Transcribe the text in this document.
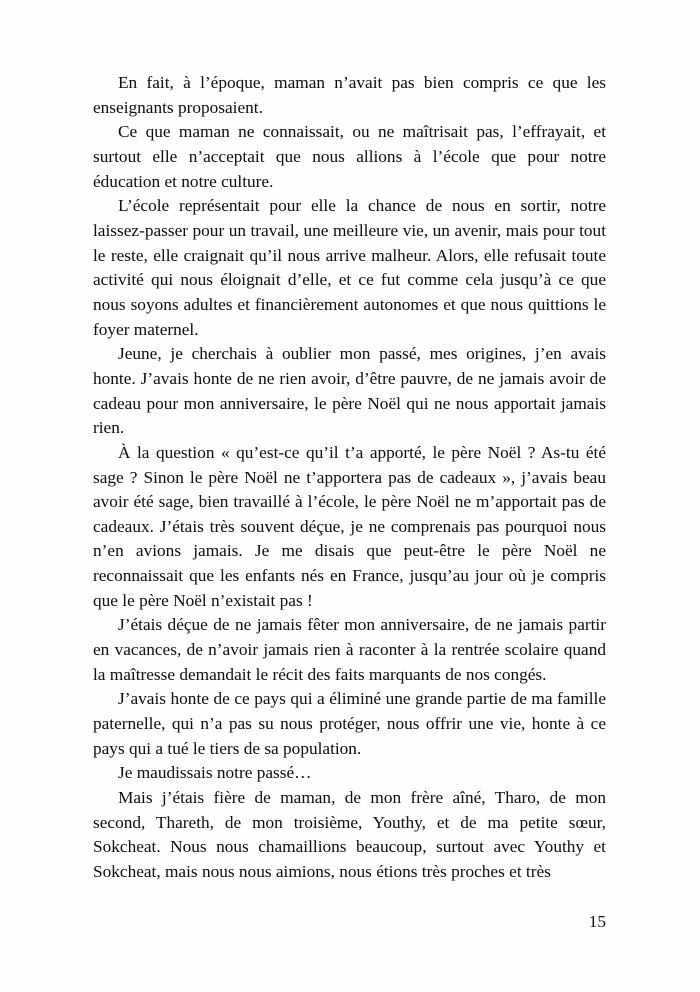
En fait, à l’époque, maman n’avait pas bien compris ce que les enseignants proposaient.

Ce que maman ne connaissait, ou ne maîtrisait pas, l’effrayait, et surtout elle n’acceptait que nous allions à l’école que pour notre éducation et notre culture.

L’école représentait pour elle la chance de nous en sortir, notre laissez-passer pour un travail, une meilleure vie, un avenir, mais pour tout le reste, elle craignait qu’il nous arrive malheur. Alors, elle refusait toute activité qui nous éloignait d’elle, et ce fut comme cela jusqu’à ce que nous soyons adultes et financièrement autonomes et que nous quittions le foyer maternel.

Jeune, je cherchais à oublier mon passé, mes origines, j’en avais honte. J’avais honte de ne rien avoir, d’être pauvre, de ne jamais avoir de cadeau pour mon anniversaire, le père Noël qui ne nous apportait jamais rien.

À la question « qu’est-ce qu’il t’a apporté, le père Noël ? As-tu été sage ? Sinon le père Noël ne t’apportera pas de cadeaux », j’avais beau avoir été sage, bien travaillé à l’école, le père Noël ne m’apportait pas de cadeaux. J’étais très souvent déçue, je ne comprenais pas pourquoi nous n’en avions jamais. Je me disais que peut-être le père Noël ne reconnaissait que les enfants nés en France, jusqu’au jour où je compris que le père Noël n’existait pas !

J’étais déçue de ne jamais fêter mon anniversaire, de ne jamais partir en vacances, de n’avoir jamais rien à raconter à la rentrée scolaire quand la maîtresse demandait le récit des faits marquants de nos congés.

J’avais honte de ce pays qui a éliminé une grande partie de ma famille paternelle, qui n’a pas su nous protéger, nous offrir une vie, honte à ce pays qui a tué le tiers de sa population.

Je maudissais notre passé…

Mais j’étais fière de maman, de mon frère aîné, Tharo, de mon second, Thareth, de mon troisième, Youthy, et de ma petite sœur, Sokcheat. Nous nous chamaillions beaucoup, surtout avec Youthy et Sokcheat, mais nous nous aimions, nous étions très proches et très

15
